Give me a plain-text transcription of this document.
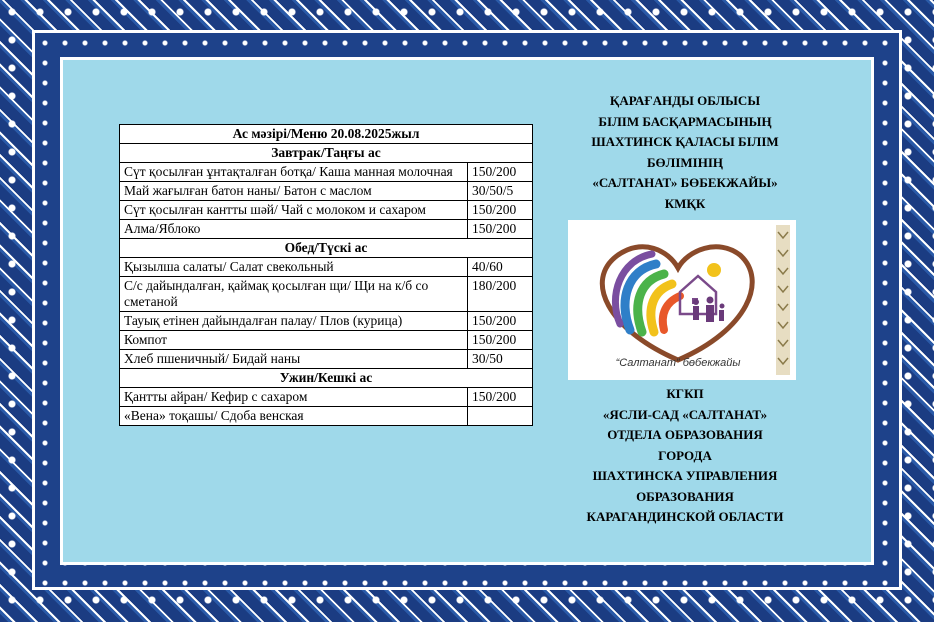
Ас мәзірі/Меню 20.08.2025жыл	
Завтрак/Таңғы ас	
Сүт қосылған ұнтақталған ботқа/ Каша манная молочная	150/200
Май жағылған батон наны/ Батон с маслом	30/50/5
Сүт қосылған кантты шәй/ Чай с молоком и сахаром	150/200
Алма/Яблоко	150/200
Обед/Түскі ас	
Қызылша салаты/ Салат свекольный	40/60
С/с дайындалған, қаймақ қосылған щи/ Щи на к/б со сметаной	180/200
Тауық етінен дайындалған палау/ Плов (курица)	150/200
Компот	150/200
Хлеб пшеничный/ Бидай наны	30/50
Ужин/Кешкі ас	
Қантты айран/ Кефир с сахаром	150/200
«Вена» тоқашы/ Сдоба венская	
ҚАРАҒАНДЫ ОБЛЫСЫ
БІЛІМ БАСҚАРМАСЫНЫҢ
ШАХТИНСК ҚАЛАСЫ БІЛІМ
БӨЛІМІНІҢ
«САЛТАНАТ» БӨБЕКЖАЙЫ»
КМҚК
“Салтанат” бөбекжайы
КГКП
«ЯСЛИ-САД «САЛТАНАТ»
ОТДЕЛА ОБРАЗОВАНИЯ
ГОРОДА
ШАХТИНСКА УПРАВЛЕНИЯ
ОБРАЗОВАНИЯ
КАРАГАНДИНСКОЙ ОБЛАСТИ
